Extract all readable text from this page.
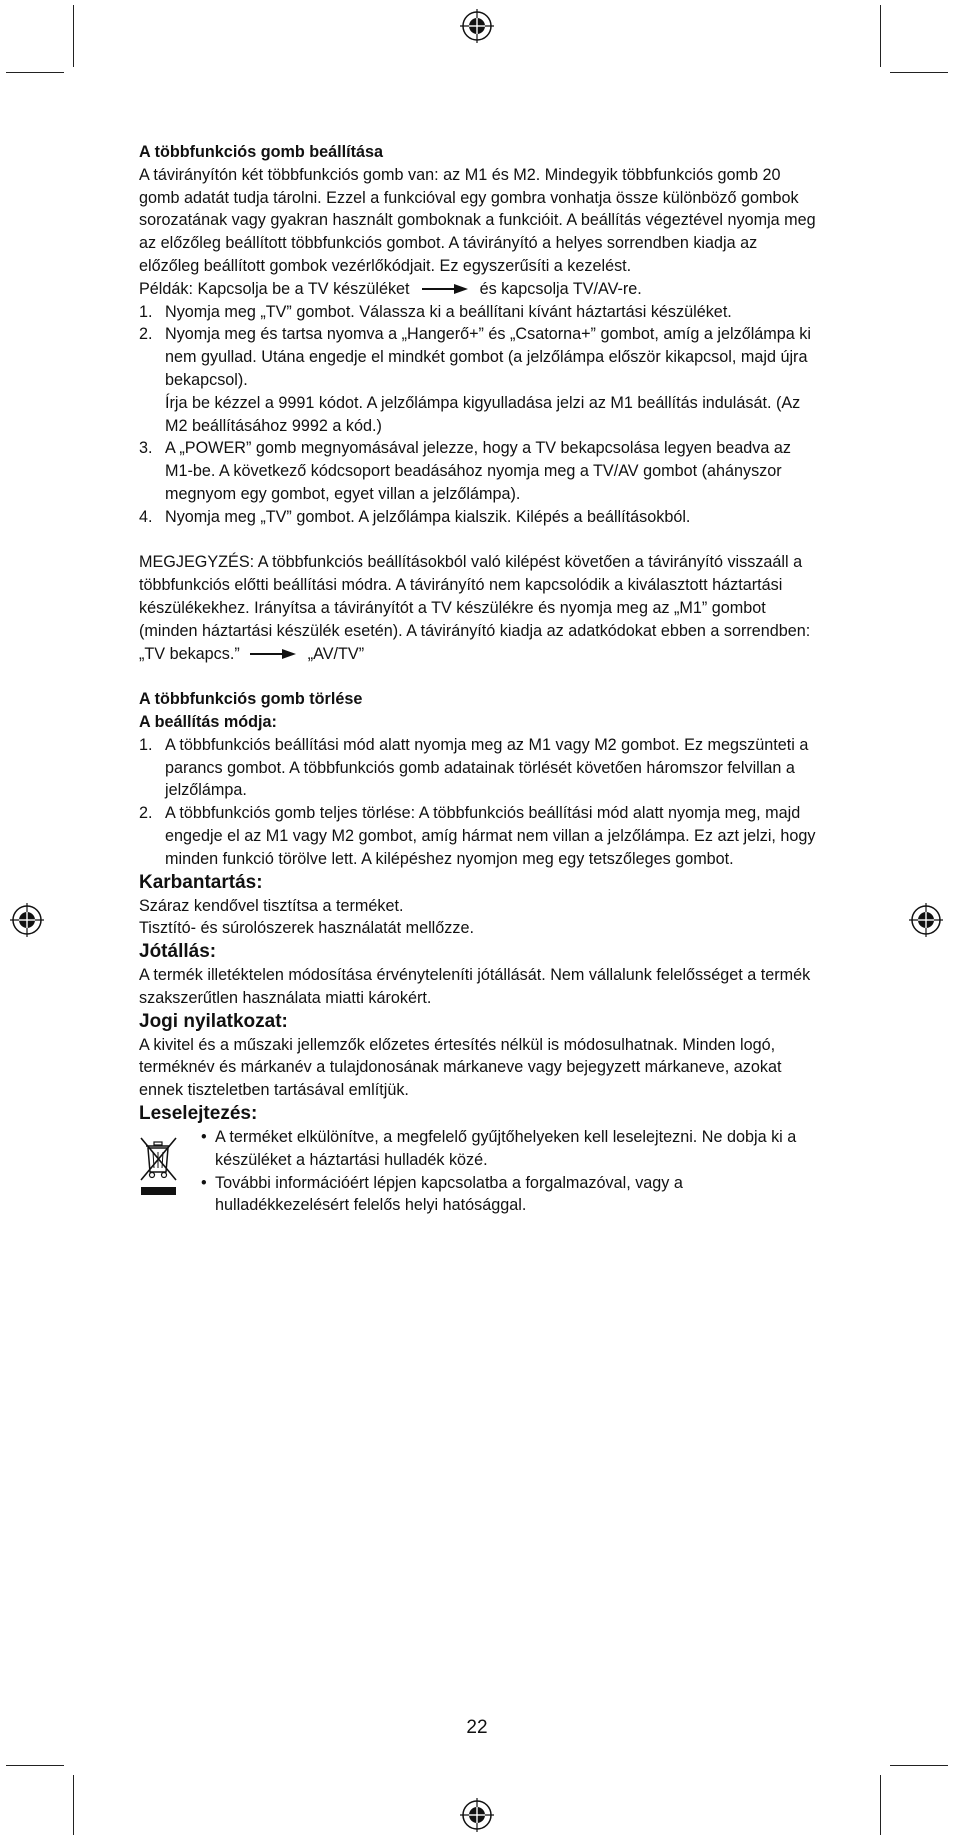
A többfunkciós gomb beállítása

A távirányítón két többfunkciós gomb van: az M1 és M2. Mindegyik többfunkciós gomb 20 gomb adatát tudja tárolni. Ezzel a funkcióval egy gombra vonhatja össze különböző gombok sorozatának vagy gyakran használt gomboknak a funkcióit. A beállítás végeztével nyomja meg az előzőleg beállított többfunkciós gombot. A távirányító a helyes sorrendben kiadja az előzőleg beállított gombok vezérlőkódjait. Ez egyszerűsíti a kezelést.

Példák: Kapcsolja be a TV készüléket	és kapcsolja TV/AV-re.
1. Nyomja meg „TV” gombot. Válassza ki a beállítani kívánt háztartási készüléket.

2. Nyomja meg és tartsa nyomva a „Hangerő+” és „Csatorna+” gombot, amíg a jelzőlámpa ki nem gyullad. Utána engedje el mindkét gombot (a jelzőlámpa először kikapcsol, majd újra bekapcsol).

Írja be kézzel a 9991 kódot. A jelzőlámpa kigyulladása jelzi az M1 beállítás indulását. (Az M2 beállításához 9992 a kód.)

3. A „POWER” gomb megnyomásával jelezze, hogy a TV bekapcsolása legyen beadva az M1-be. A következő kódcsoport beadásához nyomja meg a TV/AV gombot (ahányszor megnyom egy gombot, egyet villan a jelzőlámpa).

4. Nyomja meg „TV” gombot. A jelzőlámpa kialszik. Kilépés a beállításokból.

MEGJEGYZÉS: A többfunkciós beállításokból való kilépést követően a távirányító visszaáll a többfunkciós előtti beállítási módra. A távirányító nem kapcsolódik a kiválasztott háztartási készülékekhez. Irányítsa a távirányítót a TV készülékre és nyomja meg az „M1” gombot (minden háztartási készülék esetén). A távirányító kiadja az adatkódokat ebben a sorrendben:

„TV bekapcs.”	„AV/TV”

A többfunkciós gomb törlése

A beállítás módja:

1. A többfunkciós beállítási mód alatt nyomja meg az M1 vagy M2 gombot. Ez megszünteti a parancs gombot. A többfunkciós gomb adatainak törlését követően háromszor felvillan a jelzőlámpa.

2. A többfunkciós gomb teljes törlése: A többfunkciós beállítási mód alatt nyomja meg, majd engedje el az M1 vagy M2 gombot, amíg hármat nem villan a jelzőlámpa. Ez azt jelzi, hogy minden funkció törölve lett. A kilépéshez nyomjon meg egy tetszőleges gombot.

Karbantartás:

Száraz kendővel tisztítsa a terméket.

Tisztító- és súrolószerek használatát mellőzze.

Jótállás:

A termék illetéktelen módosítása érvényteleníti jótállását. Nem vállalunk felelősséget a termék szakszerűtlen használata miatti károkért.

Jogi nyilatkozat:

A kivitel és a műszaki jellemzők előzetes értesítés nélkül is módosulhatnak. Minden logó, terméknév és márkanév a tulajdonosának márkaneve vagy bejegyzett márkaneve, azokat ennek tiszteletben tartásával említjük.

Leselejtezés:

• A terméket elkülönítve, a megfelelő gyűjtőhelyeken kell leselejtezni. Ne dobja ki a készüléket a háztartási hulladék közé.

• További információért lépjen kapcsolatba a forgalmazóval, vagy a hulladékkezelésért felelős helyi hatósággal.

22
